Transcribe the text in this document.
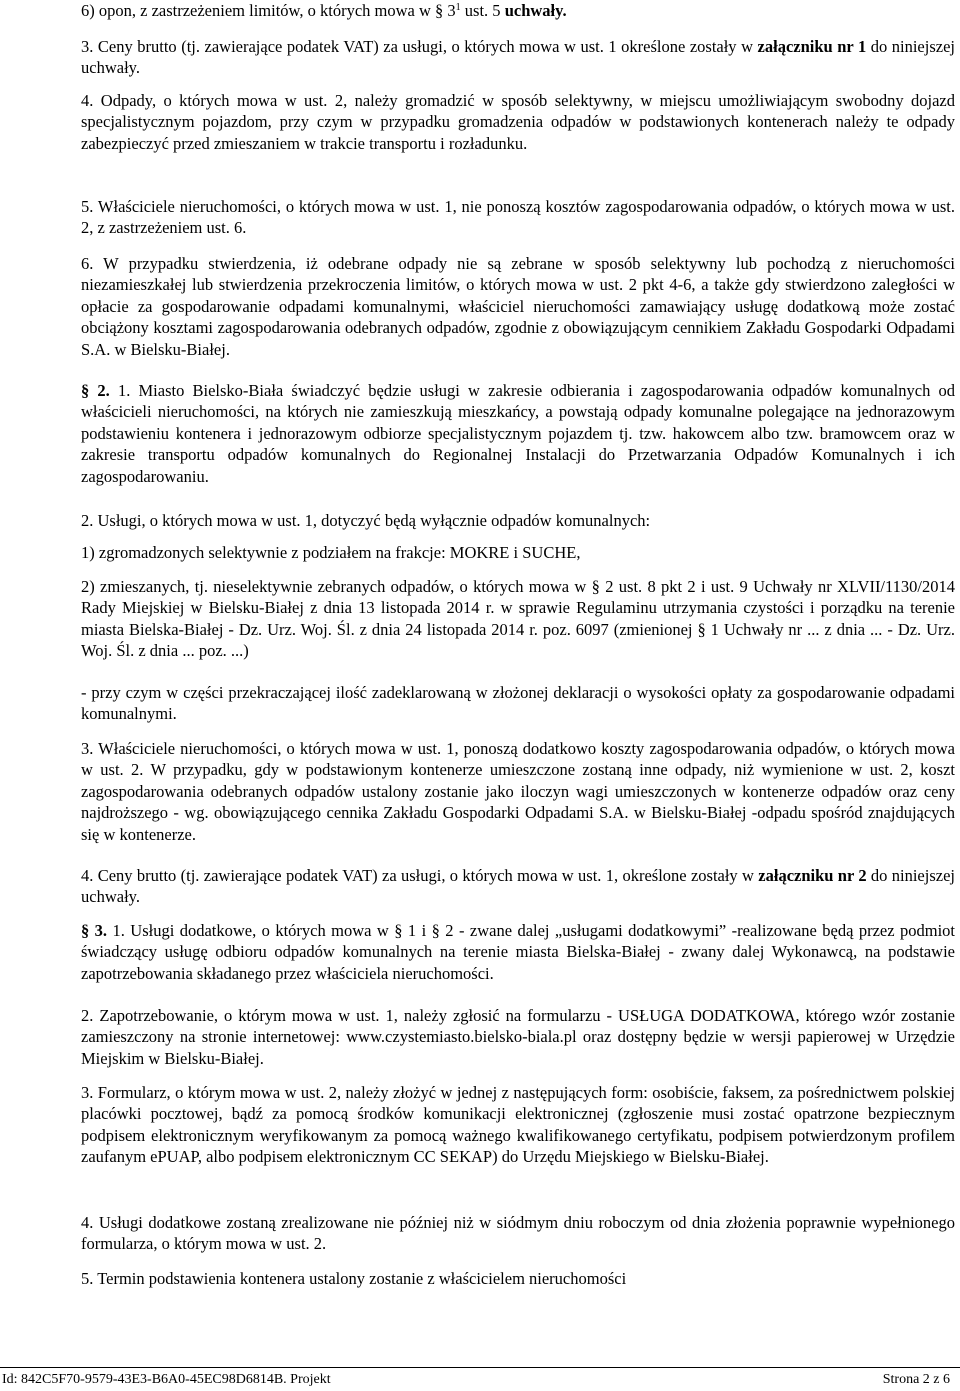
6) opon, z zastrzeżeniem limitów, o których mowa w § $3^1$ ust. 5 uchwały.

3. Ceny brutto (tj. zawierające podatek VAT) za usługi, o których mowa w ust. 1 określone zostały w załączniku nr 1 do niniejszej uchwały.

4. Odpady, o których mowa w ust. 2, należy gromadzić w sposób selektywny, w miejscu umożliwiającym swobodny dojazd specjalistycznym pojazdom, przy czym w przypadku gromadzenia odpadów w podstawionych kontenerach należy te odpady zabezpieczyć przed zmieszaniem w trakcie transportu i rozładunku.

5. Właściciele nieruchomości, o których mowa w ust. 1, nie ponoszą kosztów zagospodarowania odpadów, o których mowa w ust. 2, z zastrzeżeniem ust. 6.

6. W przypadku stwierdzenia, iż odebrane odpady nie są zebrane w sposób selektywny lub pochodzą z nieruchomości niezamieszkałej lub stwierdzenia przekroczenia limitów, o których mowa w ust. 2 pkt 4-6, a także gdy stwierdzono zaległości w opłacie za gospodarowanie odpadami komunalnymi, właściciel nieruchomości zamawiający usługę dodatkową może zostać obciążony kosztami zagospodarowania odebranych odpadów, zgodnie z obowiązującym cennikiem Zakładu Gospodarki Odpadami S.A. w Bielsku-Białej.

§ 2. 1. Miasto Bielsko-Biała świadczyć będzie usługi w zakresie odbierania i zagospodarowania odpadów komunalnych od właścicieli nieruchomości, na których nie zamieszkują mieszkańcy, a powstają odpady komunalne polegające na jednorazowym podstawieniu kontenera i jednorazowym odbiorze specjalistycznym pojazdem tj. tzw. hakowcem albo tzw. bramowcem oraz w zakresie transportu odpadów komunalnych do Regionalnej Instalacji do Przetwarzania Odpadów Komunalnych i ich zagospodarowaniu.

2. Usługi, o których mowa w ust. 1, dotyczyć będą wyłącznie odpadów komunalnych:

1) zgromadzonych selektywnie z podziałem na frakcje: MOKRE i SUCHE,

2) zmieszanych, tj. nieselektywnie zebranych odpadów, o których mowa w § 2 ust. 8 pkt 2 i ust. 9 Uchwały nr XLVII/1130/2014 Rady Miejskiej w Bielsku-Białej z dnia 13 listopada 2014 r. w sprawie Regulaminu utrzymania czystości i porządku na terenie miasta Bielska-Białej - Dz. Urz. Woj. Śl. z dnia 24 listopada 2014 r. poz. 6097 (zmienionej § 1 Uchwały nr ... z dnia ... - Dz. Urz. Woj. Śl. z dnia ... poz. ...)

- przy czym w części przekraczającej ilość zadeklarowaną w złożonej deklaracji o wysokości opłaty za gospodarowanie odpadami komunalnymi.

3. Właściciele nieruchomości, o których mowa w ust. 1, ponoszą dodatkowo koszty zagospodarowania odpadów, o których mowa w ust. 2. W przypadku, gdy w podstawionym kontenerze umieszczone zostaną inne odpady, niż wymienione w ust. 2, koszt zagospodarowania odebranych odpadów ustalony zostanie jako iloczyn wagi umieszczonych w kontenerze odpadów oraz ceny najdroższego - wg. obowiązującego cennika Zakładu Gospodarki Odpadami S.A. w Bielsku-Białej -odpadu spośród znajdujących się w kontenerze.

4. Ceny brutto (tj. zawierające podatek VAT) za usługi, o których mowa w ust. 1, określone zostały w załączniku nr 2 do niniejszej uchwały.

§ 3. 1. Usługi dodatkowe, o których mowa w § 1 i § 2 - zwane dalej „usługami dodatkowymi” -realizowane będą przez podmiot świadczący usługę odbioru odpadów komunalnych na terenie miasta Bielska-Białej - zwany dalej Wykonawcą, na podstawie zapotrzebowania składanego przez właściciela nieruchomości.

2. Zapotrzebowanie, o którym mowa w ust. 1, należy zgłosić na formularzu - USŁUGA DODATKOWA, którego wzór zostanie zamieszczony na stronie internetowej: www.czystemiasto.bielsko-biala.pl oraz dostępny będzie w wersji papierowej w Urzędzie Miejskim w Bielsku-Białej.

3. Formularz, o którym mowa w ust. 2, należy złożyć w jednej z następujących form: osobiście, faksem, za pośrednictwem polskiej placówki pocztowej, bądź za pomocą środków komunikacji elektronicznej (zgłoszenie musi zostać opatrzone bezpiecznym podpisem elektronicznym weryfikowanym za pomocą ważnego kwalifikowanego certyfikatu, podpisem potwierdzonym profilem zaufanym ePUAP, albo podpisem elektronicznym CC SEKAP) do Urzędu Miejskiego w Bielsku-Białej.

4. Usługi dodatkowe zostaną zrealizowane nie później niż w siódmym dniu roboczym od dnia złożenia poprawnie wypełnionego formularza, o którym mowa w ust. 2.

5. Termin podstawienia kontenera ustalony zostanie z właścicielem nieruchomości

Id: 842C5F70-9579-43E3-B6A0-45EC98D6814B. Projekt	Strona 2 z 6
